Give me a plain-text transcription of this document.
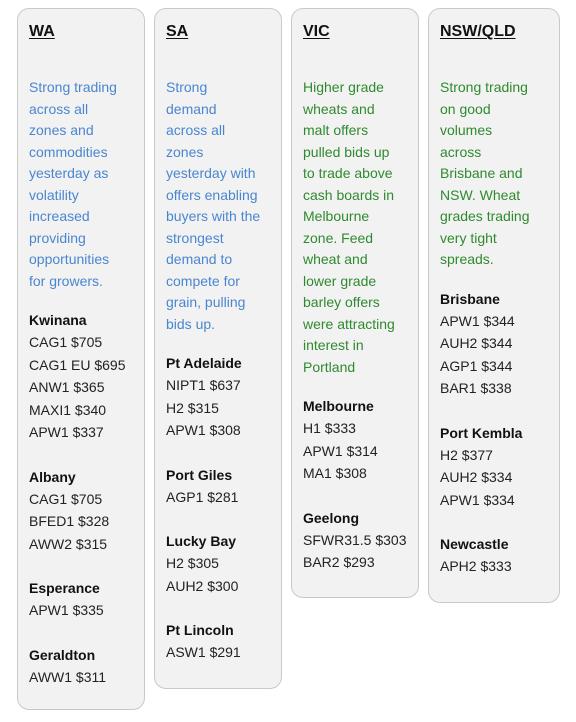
WA
Strong trading
across all
zones and
commodities
yesterday as
volatility
increased
providing
opportunities
for growers.
Kwinana
CAG1 $705
CAG1 EU $695
ANW1 $365
MAXI1 $340
APW1 $337
Albany
CAG1 $705
BFED1 $328
AWW2 $315
Esperance
APW1 $335
Geraldton
AWW1 $311
SA
Strong
demand
across all
zones
yesterday with
offers enabling
buyers with the
strongest
demand to
compete for
grain, pulling
bids up.
Pt Adelaide
NIPT1 $637
H2 $315
APW1 $308
Port Giles
AGP1 $281
Lucky Bay
H2 $305
AUH2 $300
Pt Lincoln
ASW1 $291
VIC
Higher grade
wheats and
malt offers
pulled bids up
to trade above
cash boards in
Melbourne
zone. Feed
wheat and
lower grade
barley offers
were attracting
interest in
Portland
Melbourne
H1 $333
APW1 $314
MA1 $308
Geelong
SFWR31.5 $303
BAR2 $293
NSW/QLD
Strong trading
on good
volumes
across
Brisbane and
NSW. Wheat
grades trading
very tight
spreads.
Brisbane
APW1 $344
AUH2 $344
AGP1 $344
BAR1 $338
Port Kembla
H2 $377
AUH2 $334
APW1 $334
Newcastle
APH2 $333
